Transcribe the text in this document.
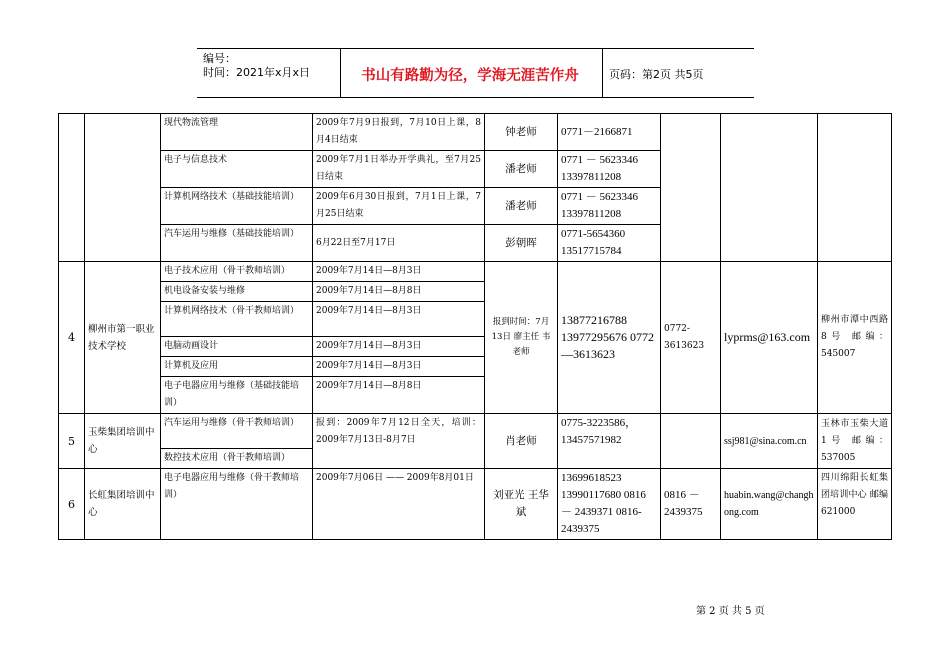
编号：
时间：2021年x月x日	书山有路勤为径，学海无涯苦作舟	页码：第2页 共5页
		现代物流管理	2009年7月9日报到，7月10日上课，8月4日结束	钟老师	0771－2166871			
		电子与信息技术	2009年7月1日举办开学典礼，至7月25日结束	潘老师	0771 － 5623346 13397811208			
		计算机网络技术（基础技能培训）	2009年6月30日报到，7月1日上课，7月25日结束	潘老师	0771 － 5623346 13397811208			
		汽车运用与维修（基础技能培训）	6月22日至7月17日	彭朝晖	0771-5654360 13517715784			
4	柳州市第一职业技术学校	电子技术应用（骨干教师培训）	2009年7月14日—8月3日	报到时间：7月13日 廖主任 韦老师	13877216788 13977295676 0772—3613623	0772-3613623	lyprms@163.com	柳州市潭中西路8号 邮编：545007
		机电设备安装与维修	2009年7月14日—8月8日					
		计算机网络技术（骨干教师培训）	2009年7月14日—8月3日					
		电脑动画设计	2009年7月14日—8月3日					
		计算机及应用	2009年7月14日—8月3日					
		电子电器应用与维修（基础技能培训）	2009年7月14日—8月8日					
5	玉柴集团培训中心	汽车运用与维修（骨干教师培训）	报到：2009年7月12日全天，培训：2009年7月13日-8月7日	肖老师	0775-3223586，13457571982		ssj981@sina.com.cn	玉林市玉柴大道1号 邮编：537005
		数控技术应用（骨干教师培训）						
6	长虹集团培训中心	电子电器应用与维修（骨干教师培训）	2009年7月06日 —— 2009年8月01日	刘亚光 王华斌	13699618523 13990117680 0816 － 2439371 0816-2439375	0816 － 2439375	huabin.wang@changhong.com	四川绵阳长虹集团培训中心 邮编621000
第 2 页 共 5 页
